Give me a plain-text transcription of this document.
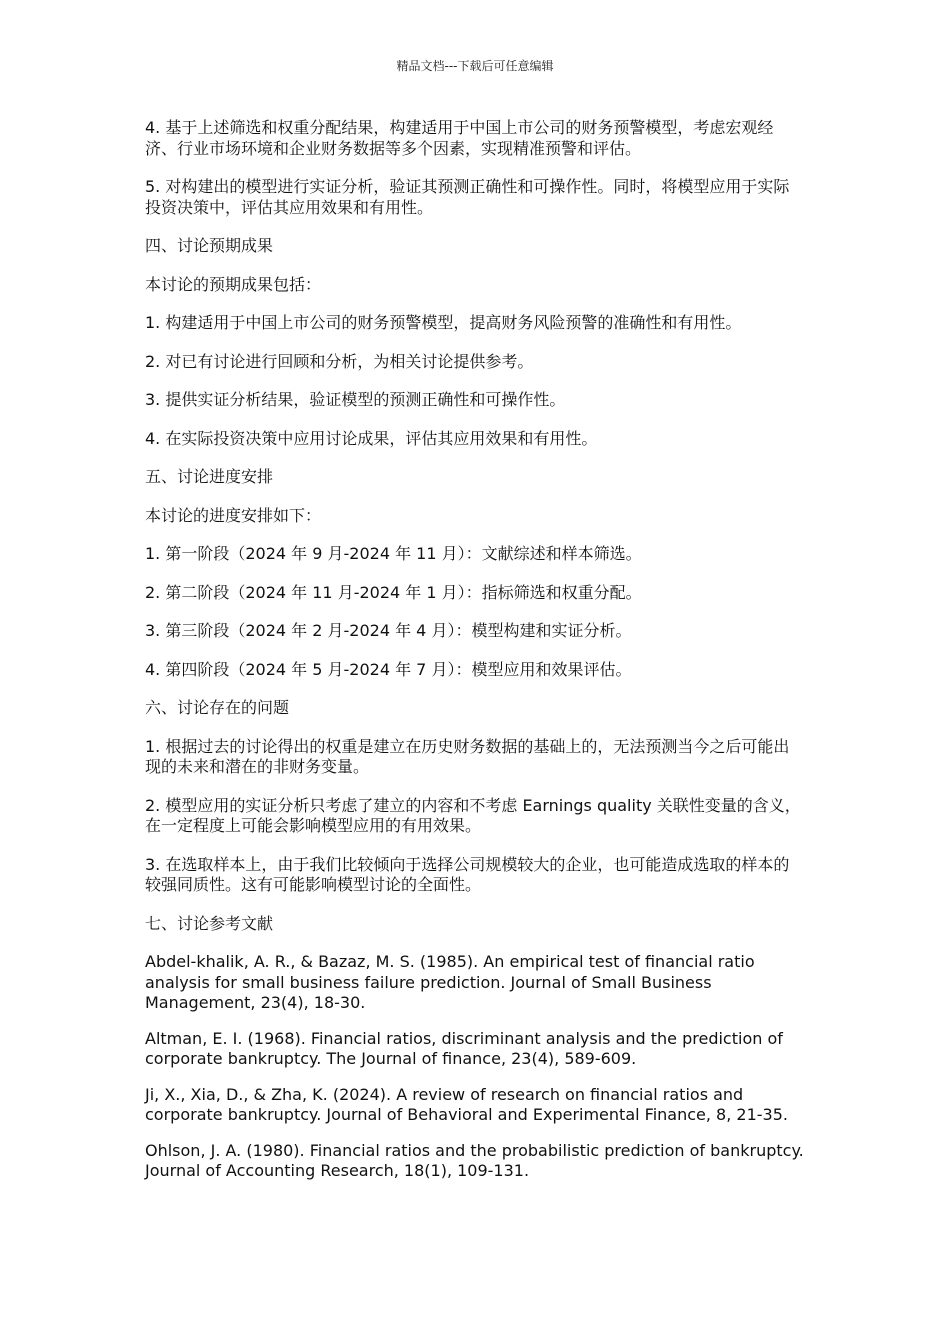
精品文档---下载后可任意编辑

4. 基于上述筛选和权重分配结果，构建适用于中国上市公司的财务预警模型，考虑宏观经济、行业市场环境和企业财务数据等多个因素，实现精准预警和评估。

5. 对构建出的模型进行实证分析，验证其预测正确性和可操作性。同时，将模型应用于实际投资决策中，评估其应用效果和有用性。

四、讨论预期成果

本讨论的预期成果包括：

1. 构建适用于中国上市公司的财务预警模型，提高财务风险预警的准确性和有用性。

2. 对已有讨论进行回顾和分析，为相关讨论提供参考。

3. 提供实证分析结果，验证模型的预测正确性和可操作性。

4. 在实际投资决策中应用讨论成果，评估其应用效果和有用性。

五、讨论进度安排

本讨论的进度安排如下：

1. 第一阶段（2024 年 9 月-2024 年 11 月）：文献综述和样本筛选。

2. 第二阶段（2024 年 11 月-2024 年 1 月）：指标筛选和权重分配。

3. 第三阶段（2024 年 2 月-2024 年 4 月）：模型构建和实证分析。

4. 第四阶段（2024 年 5 月-2024 年 7 月）：模型应用和效果评估。

六、讨论存在的问题

1. 根据过去的讨论得出的权重是建立在历史财务数据的基础上的，无法预测当今之后可能出现的未来和潜在的非财务变量。

2. 模型应用的实证分析只考虑了建立的内容和不考虑 Earnings quality 关联性变量的含义，在一定程度上可能会影响模型应用的有用效果。

3. 在选取样本上，由于我们比较倾向于选择公司规模较大的企业，也可能造成选取的样本的较强同质性。这有可能影响模型讨论的全面性。

七、讨论参考文献

Abdel-khalik, A. R., & Bazaz, M. S. (1985). An empirical test of financial ratio analysis for small business failure prediction. Journal of Small Business Management, 23(4), 18-30.

Altman, E. I. (1968). Financial ratios, discriminant analysis and the prediction of corporate bankruptcy. The Journal of finance, 23(4), 589-609.

Ji, X., Xia, D., & Zha, K. (2024). A review of research on financial ratios and corporate bankruptcy. Journal of Behavioral and Experimental Finance, 8, 21-35.

Ohlson, J. A. (1980). Financial ratios and the probabilistic prediction of bankruptcy. Journal of Accounting Research, 18(1), 109-131.
